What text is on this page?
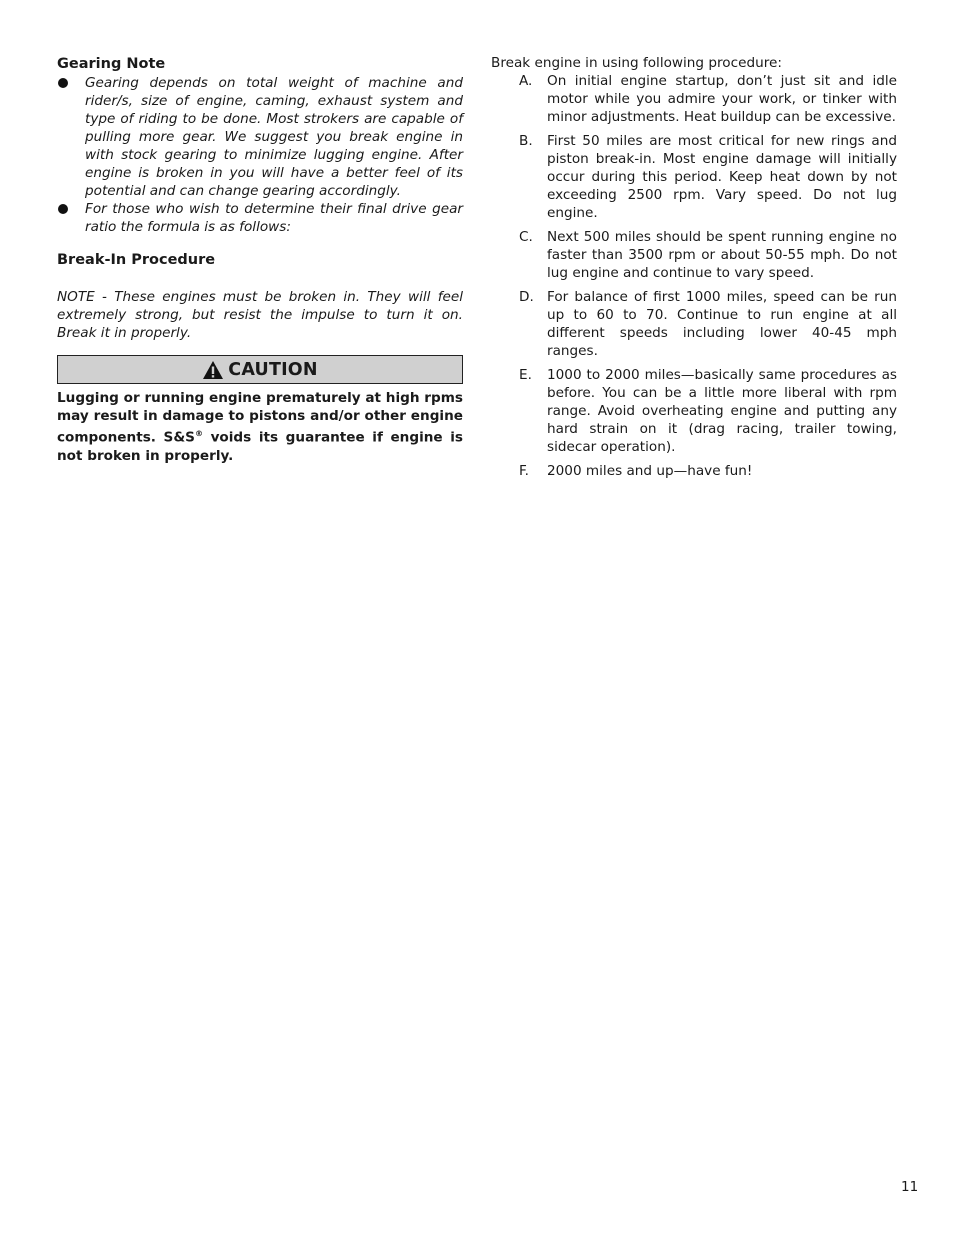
Gearing Note
Gearing depends on total weight of machine and rider/s, size of engine, caming, exhaust system and type of riding to be done. Most strokers are capable of pulling more gear. We suggest you break engine in with stock gearing to minimize lugging engine. After engine is broken in you will have a better feel of its potential and can change gearing accordingly.
For those who wish to determine their final drive gear ratio the formula is as follows:
Break-In Procedure
NOTE - These engines must be broken in. They will feel extremely strong, but resist the impulse to turn it on. Break it in properly.
CAUTION
Lugging or running engine prematurely at high rpms may result in damage to pistons and/or other engine components. S&S® voids its guarantee if engine is not broken in properly.

Break engine in using following procedure:

A.	On initial engine startup, don’t just sit and idle motor while you admire your work, or tinker with minor adjustments. Heat buildup can be excessive.
B.	First 50 miles are most critical for new rings and piston break-in. Most engine damage will initially occur during this period. Keep heat down by not exceeding 2500 rpm. Vary speed. Do not lug engine.
C.	Next 500 miles should be spent running engine no faster than 3500 rpm or about 50-55 mph. Do not lug engine and continue to vary speed.
D. For balance of first 1000 miles, speed can be run up to 60 to 70. Continue to run engine at all different speeds including lower 40-45 mph ranges.
E.	1000 to 2000 miles—basically same procedures as before. You can be a little more liberal with rpm range. Avoid overheating engine and putting any hard strain on it (drag racing, trailer towing, sidecar operation).
F.	2000 miles and up—have fun!
11
